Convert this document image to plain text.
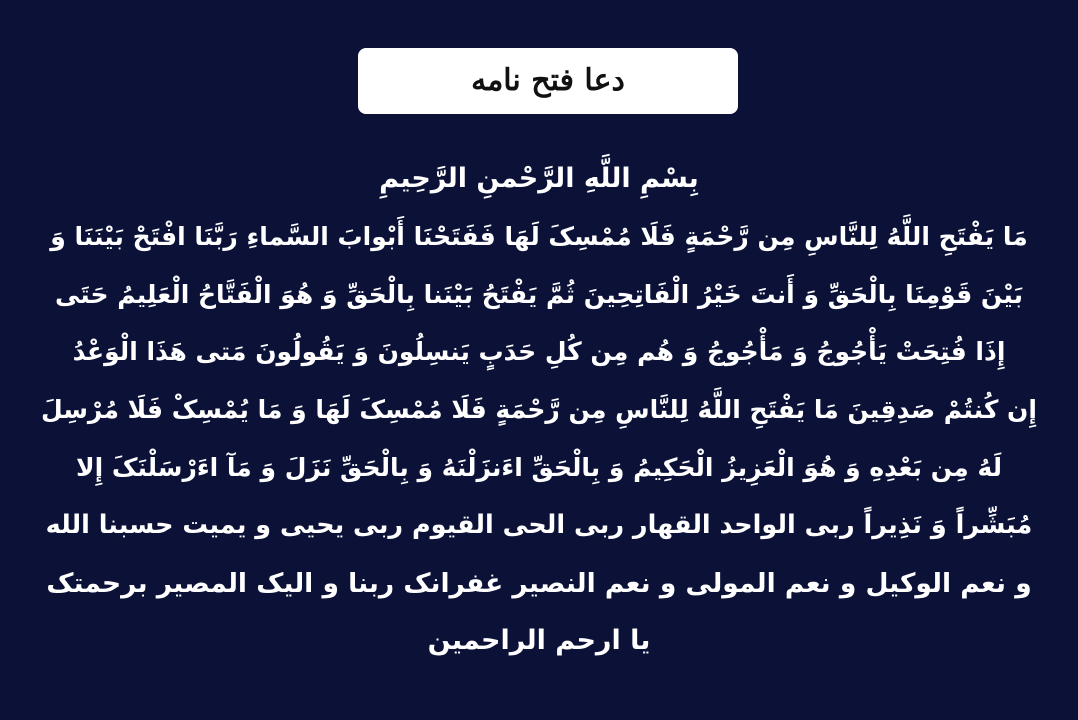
دعا فتح نامه
بِسْمِ اللَّهِ الرَّحْمنِ الرَّحِيمِ
مَا يَفْتَحِ اللَّهُ لِلنَّاسِ مِن رَّحْمَةٍ فَلَا مُمْسِکَ لَهَا فَفَتَحْنَا أَبْوابَ السَّماءِ رَبَّنَا افْتَحْ بَيْنَنَا وَ
بَيْنَ قَوْمِنَا بِالْحَقِّ وَ أَنتَ خَيْرُ الْفَاتِحِينَ ثُمَّ يَفْتَحُ بَيْنَنا بِالْحَقِّ وَ هُوَ الْفَتَّاحُ الْعَلِيمُ حَتَى
إِذَا فُتِحَتْ يَأْجُوجُ وَ مَأْجُوجُ وَ هُم مِن كُلِ حَدَبٍ يَنسِلُونَ وَ يَقُولُونَ مَتى هَذَا الْوَعْدُ
إِن كُنتُمْ صَدِقِينَ مَا يَفْتَحِ اللَّهُ لِلنَّاسِ مِن رَّحْمَةٍ فَلَا مُمْسِکَ لَهَا وَ مَا يُمْسِکْ فَلَا مُرْسِلَ
لَهُ مِن بَعْدِهِ وَ هُوَ الْعَزِيزُ الْحَكِيمُ وَ بِالْحَقِّ اءَنزَلْنَهُ وَ بِالْحَقِّ نَزَلَ وَ مَآ اءَرْسَلْنَکَ إِلا
مُبَشِّراً وَ نَذِيراً ربی الواحد القهار ربی الحی القیوم ربی یحیی و یمیت حسبنا الله
و نعم الوکیل و نعم المولی و نعم النصیر غفرانک ربنا و الیک المصیر برحمتک
یا ارحم الراحمین
